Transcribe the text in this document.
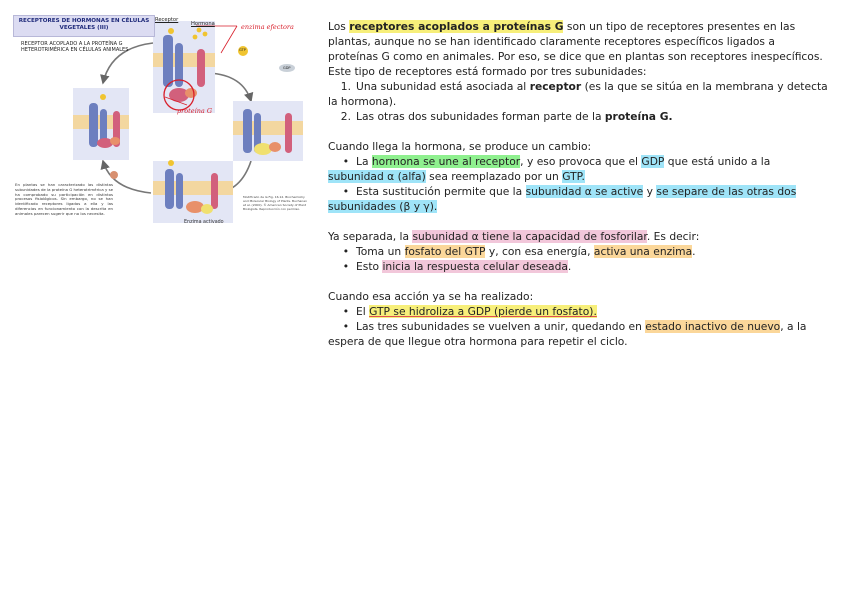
RECEPTORES DE HORMONAS EN CÉLULAS VEGETALES (III)
RECEPTOR ACOPLADO A LA PROTEÍNA G HETEROTRIMÉRICA EN CÉLULAS ANIMALES
Receptor
Hormona
GTP
GDP
enzima efectora
proteína G
En plantas se han caracterizado las distintas subunidades de la proteína G heterotrimérica y se ha comprobado su participación en distintos procesos fisiológicos. Sin embargo, no se han identificado receptores ligados a ella y las diferencias en funcionamiento con la descrita en animales parecen sugerir que no los necesita.
Modificado de la Fig. 16.12. Biochemistry and Molecular Biology of Plants. Buchanan et al. (2000). © American Society of Plant Biologists. Reproducción con permiso.
Enzima activado

Los receptores acoplados a proteínas G son un tipo de receptores presentes en las plantas, aunque no se han identificado claramente receptores específicos ligados a proteínas G como en animales. Por eso, se dice que en plantas son receptores inespecíficos.

Este tipo de receptores está formado por tres subunidades:

1. Una subunidad está asociada al receptor (es la que se sitúa en la membrana y detecta la hormona).

2. Las otras dos subunidades forman parte de la proteína G.

Cuando llega la hormona, se produce un cambio:

• La hormona se une al receptor, y eso provoca que el GDP que está unido a la subunidad α (alfa) sea reemplazado por un GTP.

• Esta sustitución permite que la subunidad α se active y se separe de las otras dos subunidades (β y γ).

Ya separada, la subunidad α tiene la capacidad de fosforilar. Es decir:

• Toma un fosfato del GTP y, con esa energía, activa una enzima.

• Esto inicia la respuesta celular deseada.

Cuando esa acción ya se ha realizado:

• El GTP se hidroliza a GDP (pierde un fosfato).

• Las tres subunidades se vuelven a unir, quedando en estado inactivo de nuevo, a la espera de que llegue otra hormona para repetir el ciclo.
